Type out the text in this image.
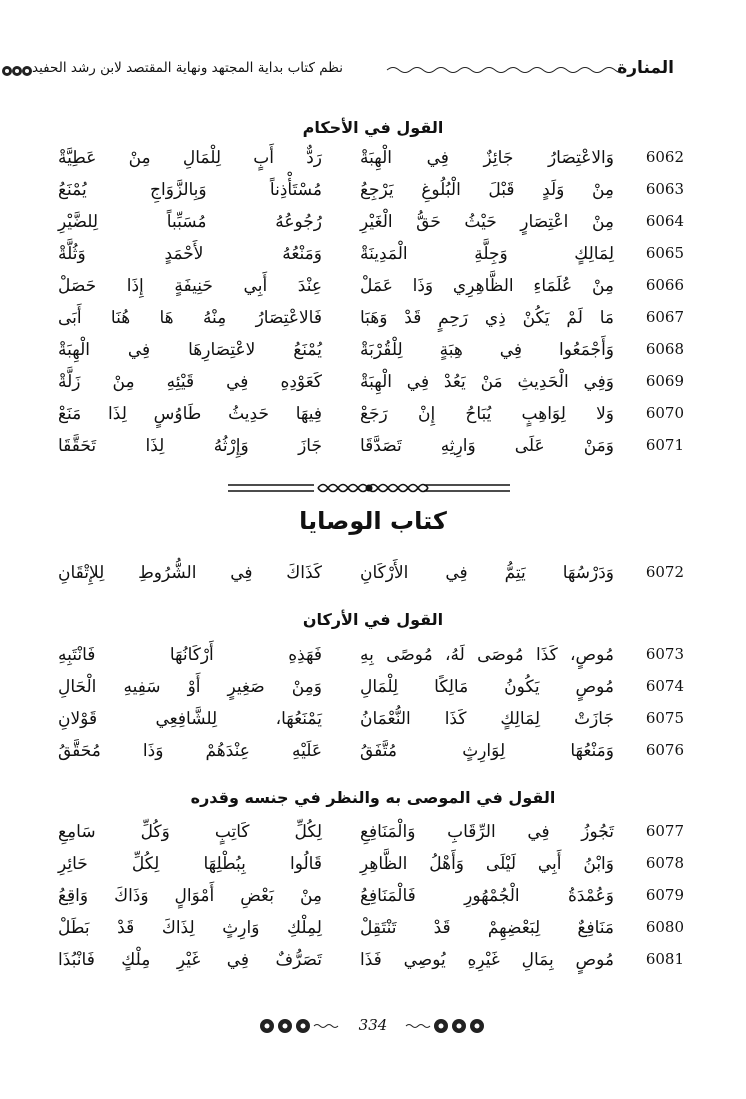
المنارة
نظم كتاب بداية المجتهد ونهاية المقتصد لابن رشد الحفيد
القول في الأحكام
6062
وَالاعْتِصَارُ جَائِزٌ فِي الْهِبَةْ
رَدٌّ أَبٍ لِلْمَالِ مِنْ عَطِيَّةْ
6063
مِنْ وَلَدٍ قَبْلَ الْبُلُوغِ يَرْجِعُ
مُسْتَأْذِناً وَبِالزَّوَاجِ يُمْنَعُ
6064
مِنْ اعْتِصَارٍ حَيْثُ حَقُّ الْغَيْرِ
رُجُوعُهُ مُسَبِّباً لِلضَّيْرِ
6065
لِمَالِكٍ وَجِلَّةِ الْمَدِينَةْ
وَمَنْعُهُ لأَحْمَدٍ وَثُلَّةْ
6066
مِنْ عُلَمَاءِ الظَّاهِرِي وَذَا عَمَلْ
عِنْدَ أَبِي حَنِيفَةٍ إِذَا حَصَلْ
6067
مَا لَمْ يَكُنْ ذِي رَحِمٍ قَدْ وَهَبَا
فَالاعْتِصَارُ مِنْهُ هَا هُنَا أَبَى
6068
وَأَجْمَعُوا فِي هِبَةٍ لِلْقُرْبَةْ
يُمْنَعُ لاعْتِصَارِهَا فِي الْهِبَةْ
6069
وَفِي الْحَدِيثِ مَنْ يَعُدْ فِي الْهِبَةْ
كَعَوْدِهِ فِي قَيْئِهِ مِنْ زَلَّةْ
6070
وَلا لِوَاهِبٍ يُبَاحُ إِنْ رَجَعْ
فِيهَا حَدِيثُ طَاوُسٍ لِذَا مَنَعْ
6071
وَمَنْ عَلَى وَارِثِهِ تَصَدَّقَا
جَازَ وَإِرْثُهُ لِذَا تَحَقَّقَا
كتاب الوصايا
6072
وَدَرْسُهَا يَتِمُّ فِي الأَرْكَانِ
كَذَاكَ فِي الشُّرُوطِ لِلإِتْقَانِ
القول في الأركان
6073
مُوصٍ، كَذَا مُوصَى لَهُ، مُوصًى بِهِ
فَهَذِهِ أَرْكَانُهَا فَانْتَبِهِ
6074
مُوصٍ يَكُونُ مَالِكًا لِلْمَالِ
وَمِنْ صَغِيرٍ أَوْ سَفِيهِ الْحَالِ
6075
جَازَتْ لِمَالِكٍ كَذَا النُّعْمَانُ
يَمْنَعُهَا، لِلشَّافِعِي قَوْلانِ
6076
وَمَنْعُهَا لِوَارِثٍ مُتَّفَقُ
عَلَيْهِ عِنْدَهُمْ وَذَا مُحَقَّقُ
القول في الموصى به والنظر في جنسه وقدره
6077
تَجُوزُ فِي الرِّقَابِ وَالْمَنَافِعِ
لِكُلِّ كَاتِبٍ وَكُلِّ سَامِعِ
6078
وَابْنُ أَبِي لَيْلَى وَأَهْلُ الظَّاهِرِ
قَالُوا بِبُطْلِهَا لِكُلِّ حَائِرِ
6079
وَعُمْدَةُ الْجُمْهُورِ فَالْمَنَافِعُ
مِنْ بَعْضِ أَمْوَالٍ وَذَاكَ وَاقِعُ
6080
مَنَافِعٌ لِبَعْضِهِمْ قَدْ تَنْتَقِلْ
لِمِلْكِ وَارِثٍ لِذَاكَ قَدْ بَطَلْ
6081
مُوصٍ بِمَالِ غَيْرِهِ يُوصِي فَذَا
تَصَرُّفٌ فِي غَيْرِ مِلْكٍ فَانْبُذَا
334
